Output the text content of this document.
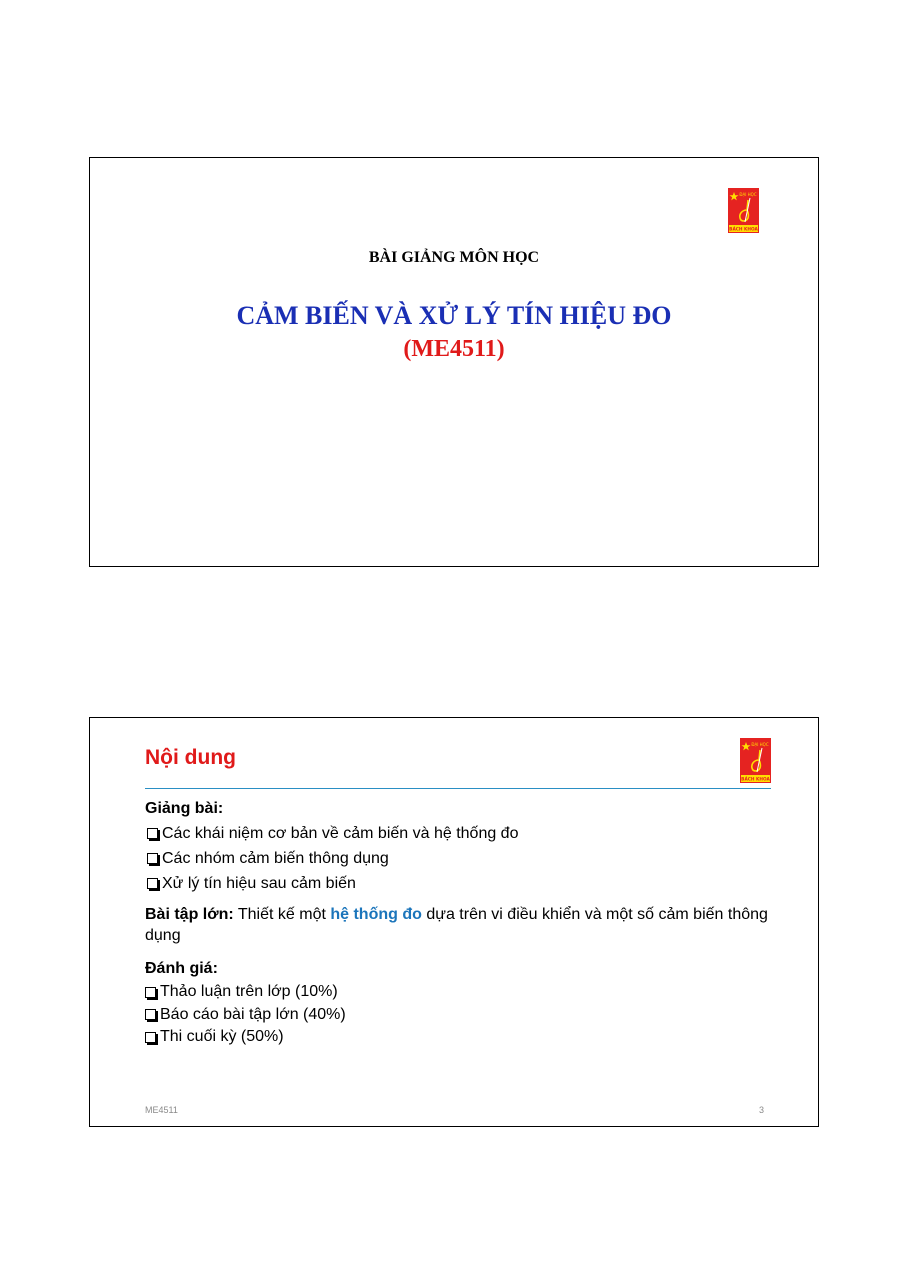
ĐẠI HỌC
BÁCH KHOA
BÀI GIẢNG MÔN HỌC
CẢM BIẾN VÀ XỬ LÝ TÍN HIỆU ĐO
(ME4511)
ĐẠI HỌC
BÁCH KHOA
Nội dung

Giảng bài:

Các khái niệm cơ bản về cảm biến và hệ thống đo
Các nhóm cảm biến thông dụng
Xử lý tín hiệu sau cảm biến

Bài tập lớn: Thiết kế một hệ thống đo dựa trên vi điều khiển và một số cảm biến thông dụng

Đánh giá:

Thảo luận trên lớp (10%)
Báo cáo bài tập lớn (40%)
Thi cuối kỳ (50%)
ME4511	3
